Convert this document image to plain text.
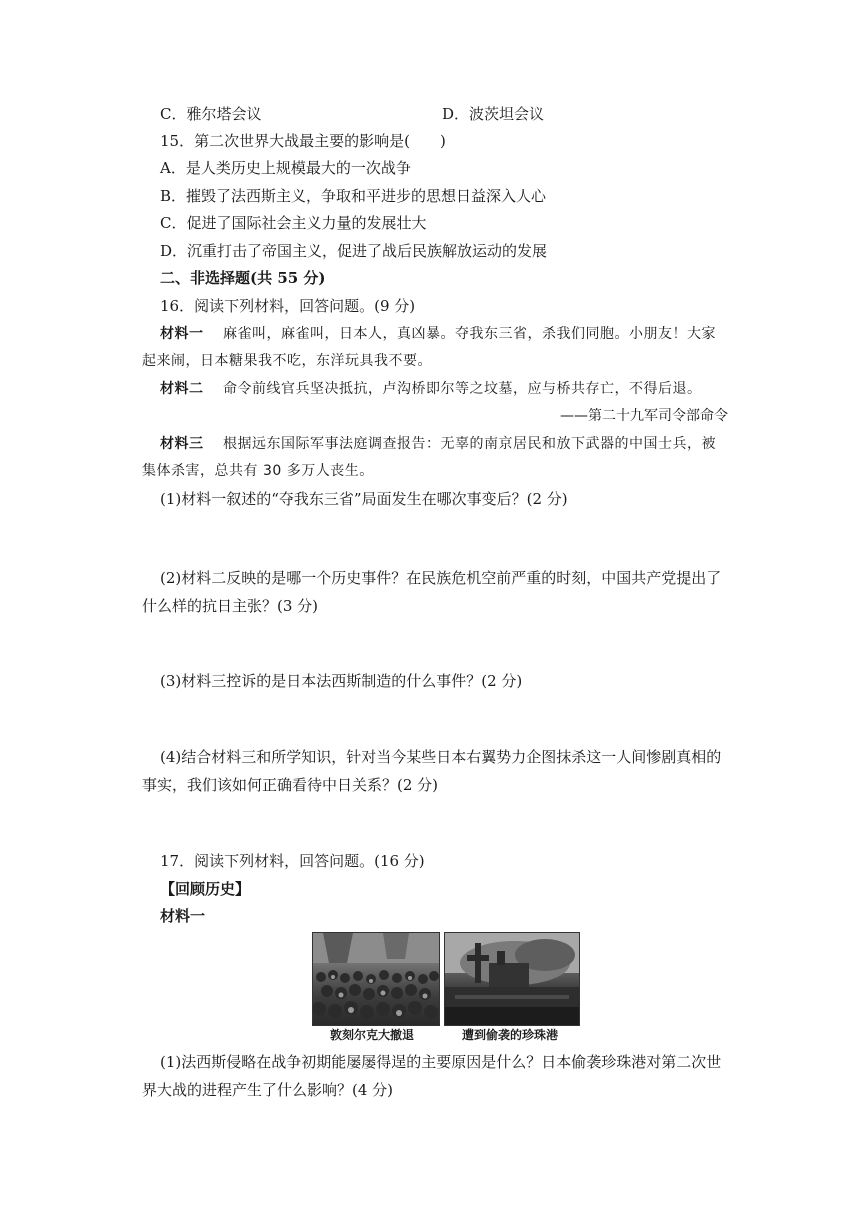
C．雅尔塔会议	D．波茨坦会议
15．第二次世界大战最主要的影响是(　　)
A．是人类历史上规模最大的一次战争
B．摧毁了法西斯主义，争取和平进步的思想日益深入人心
C．促进了国际社会主义力量的发展壮大
D．沉重打击了帝国主义，促进了战后民族解放运动的发展
二、非选择题(共 55 分)
16．阅读下列材料，回答问题。(9 分)
材料一　 麻雀叫，麻雀叫，日本人，真凶暴。夺我东三省，杀我们同胞。小朋友！大家
起来闹，日本糖果我不吃，东洋玩具我不要。
材料二　 命令前线官兵坚决抵抗，卢沟桥即尔等之坟墓，应与桥共存亡，不得后退。
——第二十九军司令部命令
材料三　 根据远东国际军事法庭调查报告：无辜的南京居民和放下武器的中国士兵，被
集体杀害，总共有 30 多万人丧生。
(1)材料一叙述的“夺我东三省”局面发生在哪次事变后？(2 分)
(2)材料二反映的是哪一个历史事件？在民族危机空前严重的时刻，中国共产党提出了
什么样的抗日主张？(3 分)
(3)材料三控诉的是日本法西斯制造的什么事件？(2 分)
(4)结合材料三和所学知识，针对当今某些日本右翼势力企图抹杀这一人间惨剧真相的
事实，我们该如何正确看待中日关系？(2 分)
17．阅读下列材料，回答问题。(16 分)
【回顾历史】
材料一
敦刻尔克大撤退	遭到偷袭的珍珠港
(1)法西斯侵略在战争初期能屡屡得逞的主要原因是什么？日本偷袭珍珠港对第二次世
界大战的进程产生了什么影响？(4 分)
